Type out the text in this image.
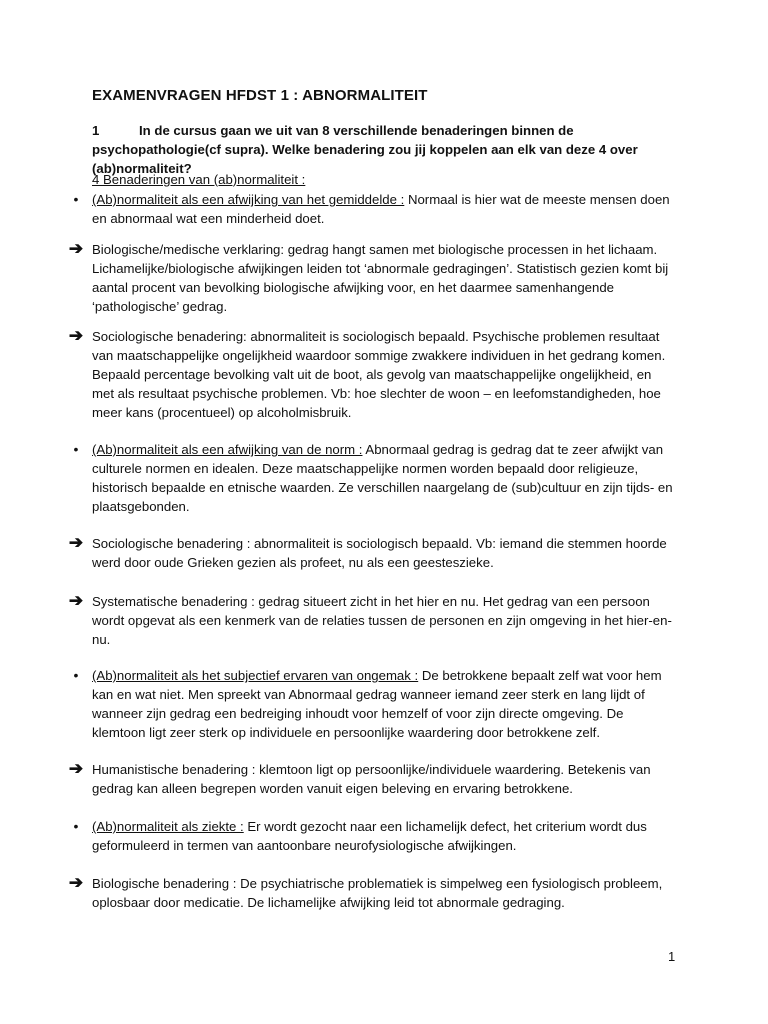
EXAMENVRAGEN HFDST 1 : ABNORMALITEIT
1	In de cursus gaan we uit van 8 verschillende benaderingen binnen de psychopathologie(cf supra). Welke benadering zou jij koppelen aan elk van deze 4 over (ab)normaliteit?
4 Benaderingen van (ab)normaliteit :
•	(Ab)normaliteit als een afwijking van het gemiddelde : Normaal is hier wat de meeste mensen doen en abnormaal wat een minderheid doet.
➔ Biologische/medische verklaring: gedrag hangt samen met biologische processen in het lichaam. Lichamelijke/biologische afwijkingen leiden tot ‘abnormale gedragingen’. Statistisch gezien komt bij aantal procent van bevolking biologische afwijking voor, en het daarmee samenhangende ‘pathologische’ gedrag.
➔ Sociologische benadering: abnormaliteit is sociologisch bepaald. Psychische problemen resultaat van maatschappelijke ongelijkheid waardoor sommige zwakkere individuen in het gedrang komen. Bepaald percentage bevolking valt uit de boot, als gevolg van maatschappelijke ongelijkheid, en met als resultaat psychische problemen. Vb: hoe slechter de woon – en leefomstandigheden, hoe meer kans (procentueel) op alcoholmisbruik.
•	(Ab)normaliteit als een afwijking van de norm : Abnormaal gedrag is gedrag dat te zeer afwijkt van culturele normen en idealen. Deze maatschappelijke normen worden bepaald door religieuze, historisch bepaalde en etnische waarden. Ze verschillen naargelang de (sub)cultuur en zijn tijds- en plaatsgebonden.
➔ Sociologische benadering : abnormaliteit is sociologisch bepaald. Vb: iemand die stemmen hoorde werd door oude Grieken gezien als profeet, nu als een geesteszieke.
➔ Systematische benadering : gedrag situeert zicht in het hier en nu. Het gedrag van een persoon wordt opgevat als een kenmerk van de relaties tussen de personen en zijn omgeving in het hier-en-nu.
•	(Ab)normaliteit als het subjectief ervaren van ongemak : De betrokkene bepaalt zelf wat voor hem kan en wat niet. Men spreekt van Abnormaal gedrag wanneer iemand zeer sterk en lang lijdt of wanneer zijn gedrag een bedreiging inhoudt voor hemzelf of voor zijn directe omgeving. De klemtoon ligt zeer sterk op individuele en persoonlijke waardering door betrokkene zelf.
➔ Humanistische benadering : klemtoon ligt op persoonlijke/individuele waardering. Betekenis van gedrag kan alleen begrepen worden vanuit eigen beleving en ervaring betrokkene.
•	(Ab)normaliteit als ziekte : Er wordt gezocht naar een lichamelijk defect, het criterium wordt dus geformuleerd in termen van aantoonbare neurofysiologische afwijkingen.
➔ Biologische benadering : De psychiatrische problematiek is simpelweg een fysiologisch probleem, oplosbaar door medicatie. De lichamelijke afwijking leid tot abnormale gedraging.
1
